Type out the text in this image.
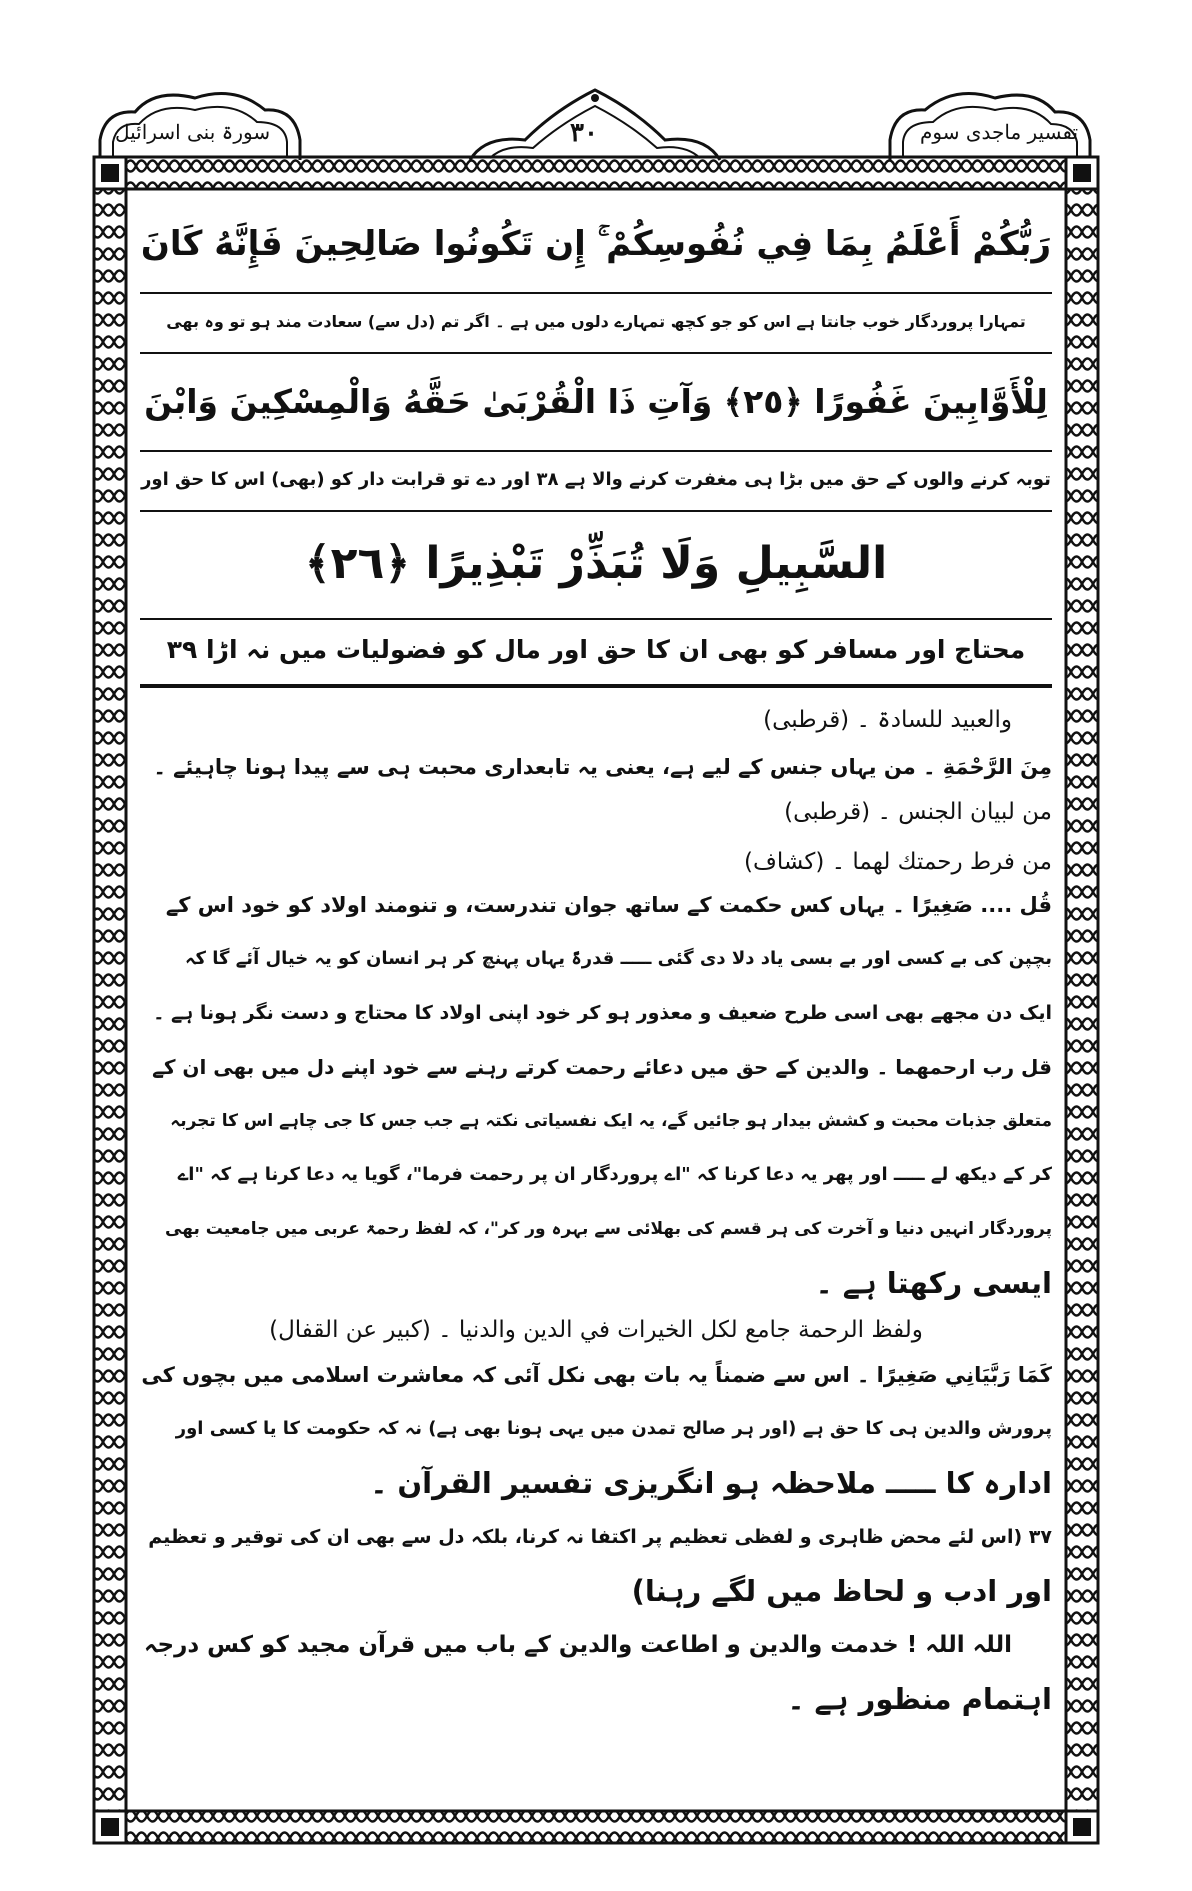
سورۃ بنی اسرائیل	۳۰	تفسیر ماجدی سوم
رَبُّكُمْ أَعْلَمُ بِمَا فِي نُفُوسِكُمْ ۚ إِن تَكُونُوا صَالِحِينَ فَإِنَّهُ كَانَ
تمہارا پروردگار خوب جانتا ہے اس کو جو کچھ تمہارے دلوں میں ہے ۔ اگر تم (دل سے) سعادت مند ہو تو وہ بھی
لِلْأَوَّابِينَ غَفُورًا ﴿٢٥﴾ وَآتِ ذَا الْقُرْبَىٰ حَقَّهُ وَالْمِسْكِينَ وَابْنَ
توبہ کرنے والوں کے حق میں بڑا ہی مغفرت کرنے والا ہے ۳۸ اور دے تو قرابت دار کو (بھی) اس کا حق اور
السَّبِيلِ وَلَا تُبَذِّرْ تَبْذِيرًا ﴿٢٦﴾
محتاج اور مسافر کو بھی ان کا حق اور مال کو فضولیات میں نہ اڑا ۳۹
والعبید للسادۃ ۔ (قرطبی)
مِنَ الرَّحْمَةِ ۔ من یہاں جنس کے لیے ہے، یعنی یہ تابعداری محبت ہی سے پیدا ہونا چاہیئے ۔
من لبیان الجنس ۔ (قرطبی)
من فرط رحمتك لهما ۔ (کشاف)
قُل .... صَغِيرًا ۔ یہاں کس حکمت کے ساتھ جوان تندرست، و تنومند اولاد کو خود اس کے
بچپن کی بے کسی اور بے بسی یاد دلا دی گئی ـــــ قدرۃً یہاں پہنچ کر ہر انسان کو یہ خیال آئے گا کہ
ایک دن مجھے بھی اسی طرح ضعیف و معذور ہو کر خود اپنی اولاد کا محتاج و دست نگر ہونا ہے ۔
قل رب ارحمهما ۔ والدین کے حق میں دعائے رحمت کرتے رہنے سے خود اپنے دل میں بھی ان کے
متعلق جذبات محبت و کشش بیدار ہو جائیں گے، یہ ایک نفسیاتی نکتہ ہے جب جس کا جی چاہے اس کا تجربہ
کر کے دیکھ لے ـــــ اور پھر یہ دعا کرنا کہ "اے پروردگار ان پر رحمت فرما"، گویا یہ دعا کرنا ہے کہ "اے
پروردگار انہیں دنیا و آخرت کی ہر قسم کی بھلائی سے بہرہ ور کر"، کہ لفظ رحمۃ عربی میں جامعیت بھی
ایسی رکھتا ہے ۔
ولفظ الرحمة جامع لكل الخيرات في الدين والدنيا ۔ (کبیر عن القفال)
كَمَا رَبَّيَانِي صَغِيرًا ۔ اس سے ضمناً یہ بات بھی نکل آئی کہ معاشرت اسلامی میں بچوں کی
پرورش والدین ہی کا حق ہے (اور ہر صالح تمدن میں یہی ہونا بھی ہے) نہ کہ حکومت کا یا کسی اور
ادارہ کا ـــــ ملاحظہ ہو انگریزی تفسیر القرآن ۔
۳۷ (اس لئے محض ظاہری و لفظی تعظیم پر اکتفا نہ کرنا، بلکہ دل سے بھی ان کی توقیر و تعظیم
اور ادب و لحاظ میں لگے رہنا)
اللہ اللہ ! خدمت والدین و اطاعت والدین کے باب میں قرآن مجید کو کس درجہ
اہتمام منظور ہے ۔
